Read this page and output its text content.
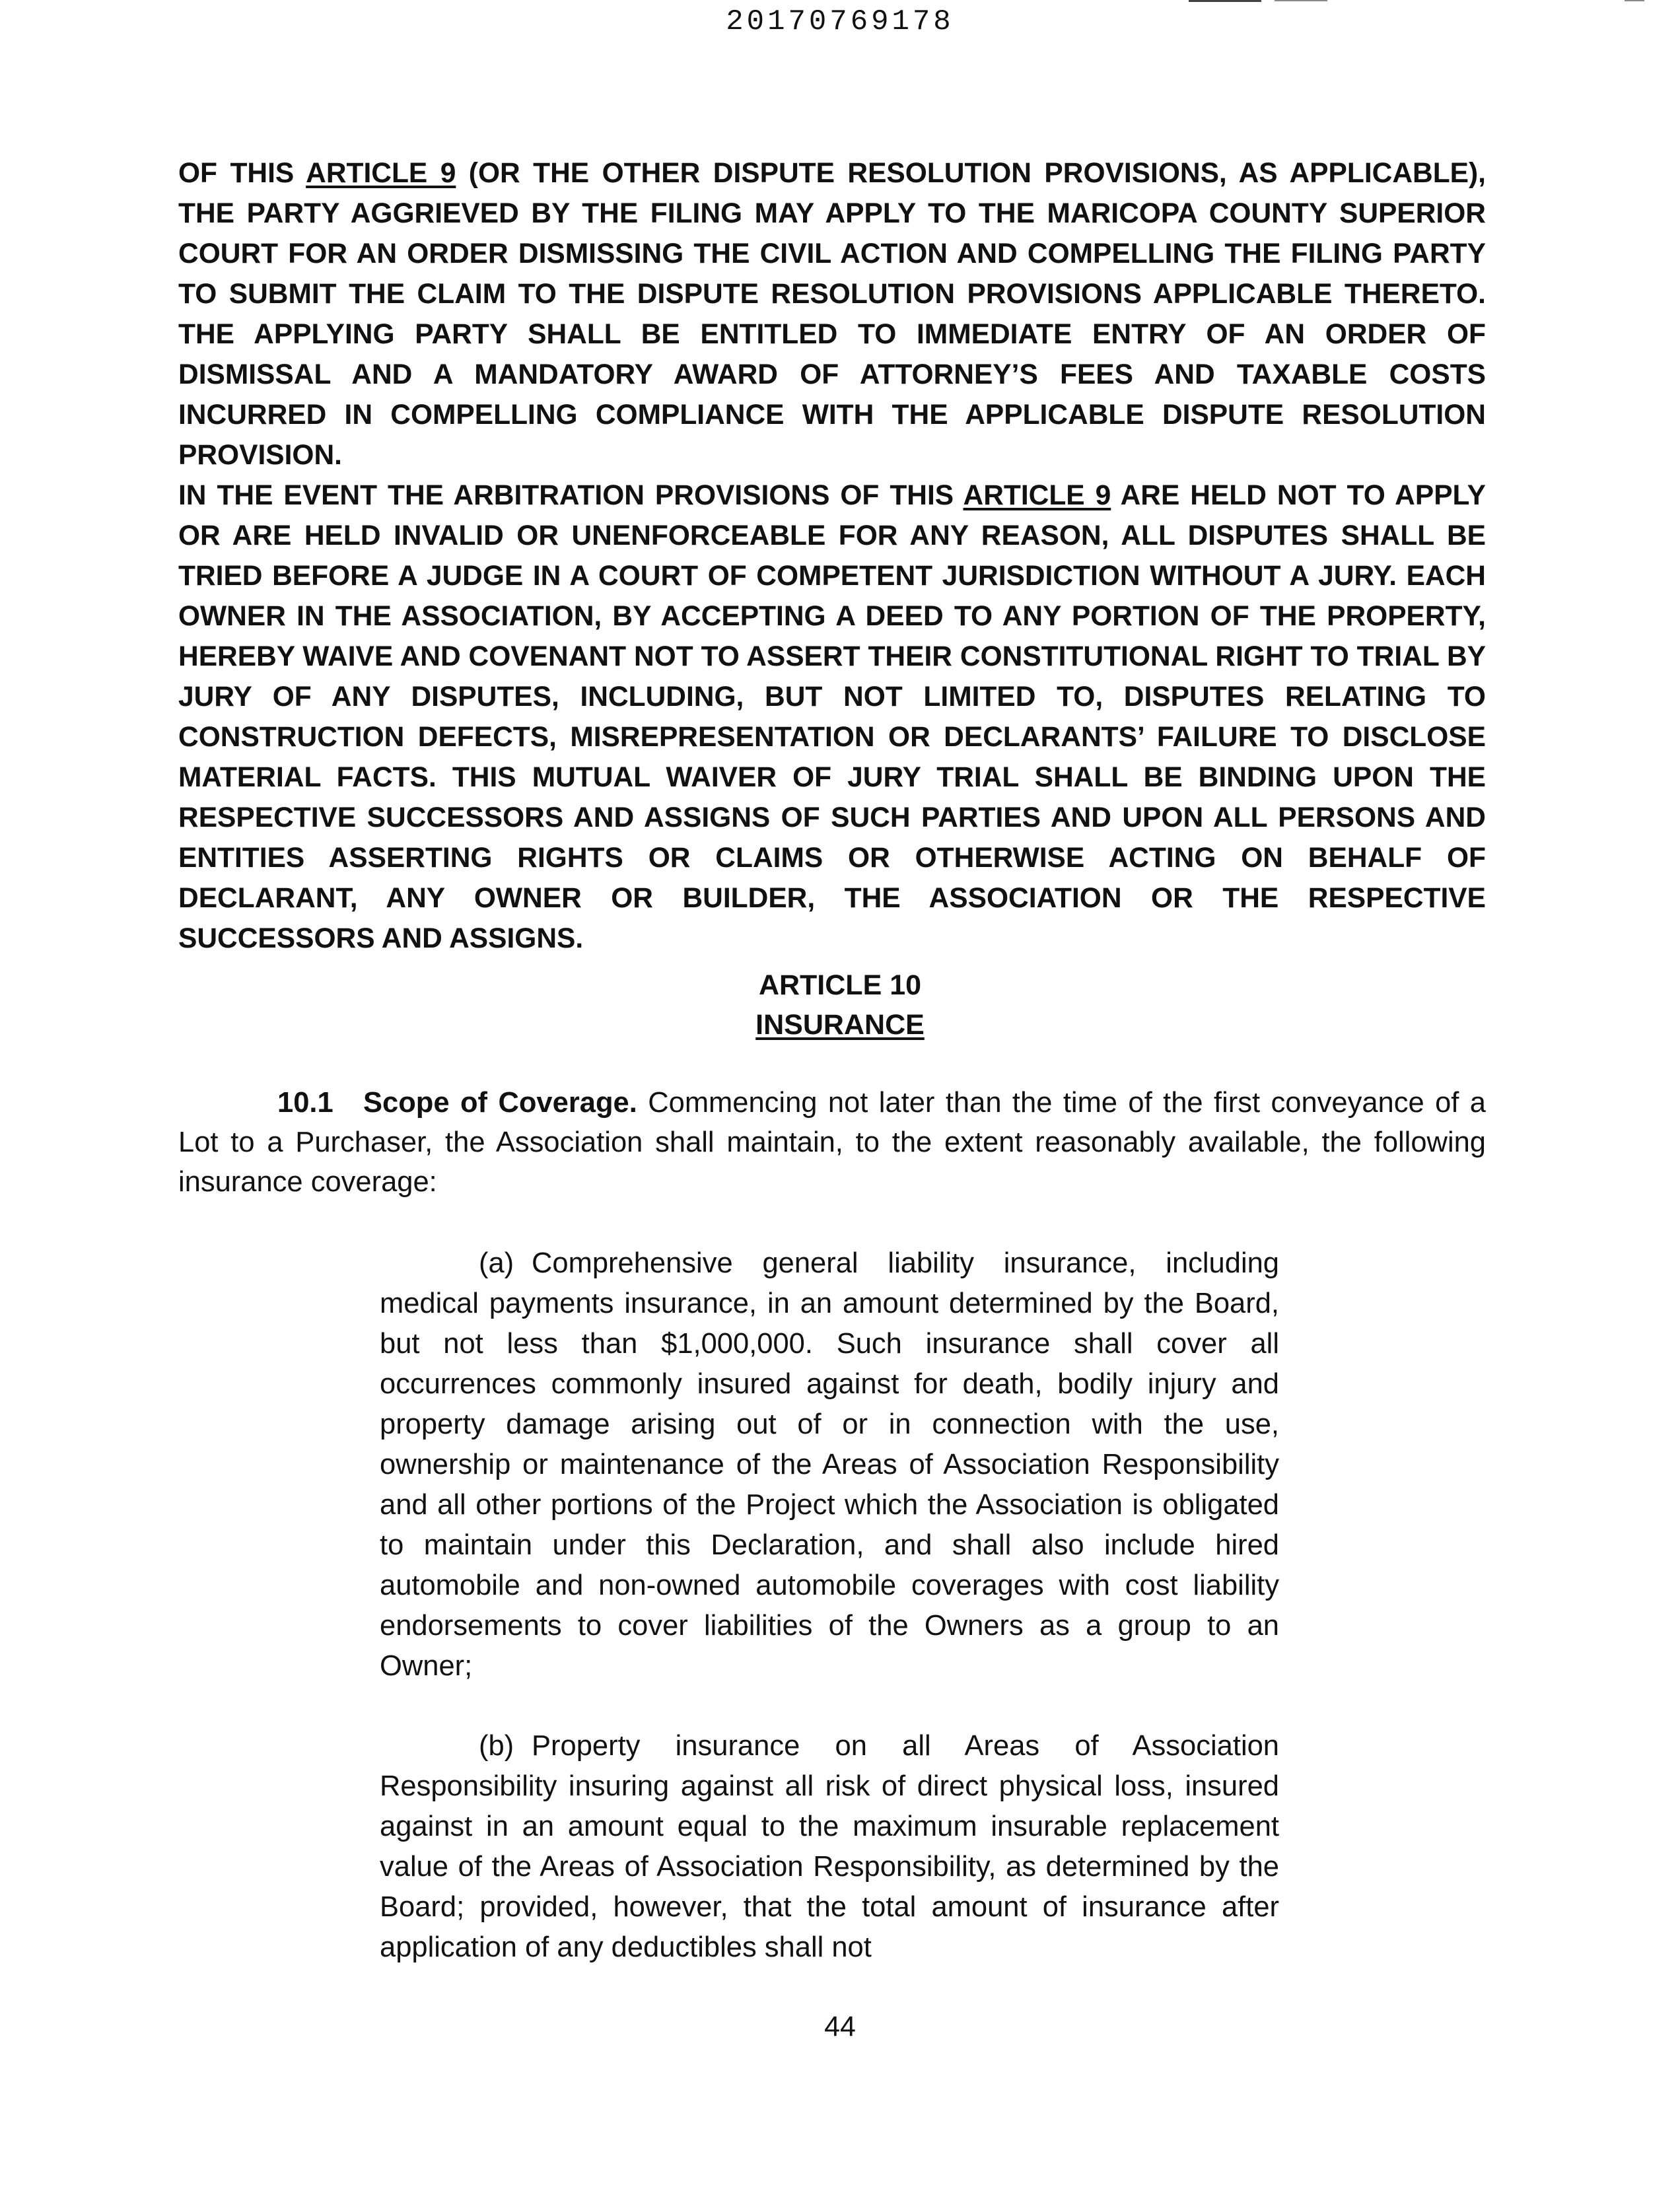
20170769178
OF THIS ARTICLE 9 (OR THE OTHER DISPUTE RESOLUTION PROVISIONS, AS APPLICABLE), THE PARTY AGGRIEVED BY THE FILING MAY APPLY TO THE MARICOPA COUNTY SUPERIOR COURT FOR AN ORDER DISMISSING THE CIVIL ACTION AND COMPELLING THE FILING PARTY TO SUBMIT THE CLAIM TO THE DISPUTE RESOLUTION PROVISIONS APPLICABLE THERETO. THE APPLYING PARTY SHALL BE ENTITLED TO IMMEDIATE ENTRY OF AN ORDER OF DISMISSAL AND A MANDATORY AWARD OF ATTORNEY’S FEES AND TAXABLE COSTS INCURRED IN COMPELLING COMPLIANCE WITH THE APPLICABLE DISPUTE RESOLUTION PROVISION.
IN THE EVENT THE ARBITRATION PROVISIONS OF THIS ARTICLE 9 ARE HELD NOT TO APPLY OR ARE HELD INVALID OR UNENFORCEABLE FOR ANY REASON, ALL DISPUTES SHALL BE TRIED BEFORE A JUDGE IN A COURT OF COMPETENT JURISDICTION WITHOUT A JURY. EACH OWNER IN THE ASSOCIATION, BY ACCEPTING A DEED TO ANY PORTION OF THE PROPERTY, HEREBY WAIVE AND COVENANT NOT TO ASSERT THEIR CONSTITUTIONAL RIGHT TO TRIAL BY JURY OF ANY DISPUTES, INCLUDING, BUT NOT LIMITED TO, DISPUTES RELATING TO CONSTRUCTION DEFECTS, MISREPRESENTATION OR DECLARANTS’ FAILURE TO DISCLOSE MATERIAL FACTS. THIS MUTUAL WAIVER OF JURY TRIAL SHALL BE BINDING UPON THE RESPECTIVE SUCCESSORS AND ASSIGNS OF SUCH PARTIES AND UPON ALL PERSONS AND ENTITIES ASSERTING RIGHTS OR CLAIMS OR OTHERWISE ACTING ON BEHALF OF DECLARANT, ANY OWNER OR BUILDER, THE ASSOCIATION OR THE RESPECTIVE SUCCESSORS AND ASSIGNS.
ARTICLE 10
INSURANCE
10.1 Scope of Coverage. Commencing not later than the time of the first conveyance of a Lot to a Purchaser, the Association shall maintain, to the extent reasonably available, the following insurance coverage:
(a) Comprehensive general liability insurance, including medical payments insurance, in an amount determined by the Board, but not less than $1,000,000. Such insurance shall cover all occurrences commonly insured against for death, bodily injury and property damage arising out of or in connection with the use, ownership or maintenance of the Areas of Association Responsibility and all other portions of the Project which the Association is obligated to maintain under this Declaration, and shall also include hired automobile and non-owned automobile coverages with cost liability endorsements to cover liabilities of the Owners as a group to an Owner;
(b) Property insurance on all Areas of Association Responsibility insuring against all risk of direct physical loss, insured against in an amount equal to the maximum insurable replacement value of the Areas of Association Responsibility, as determined by the Board; provided, however, that the total amount of insurance after application of any deductibles shall not
44
